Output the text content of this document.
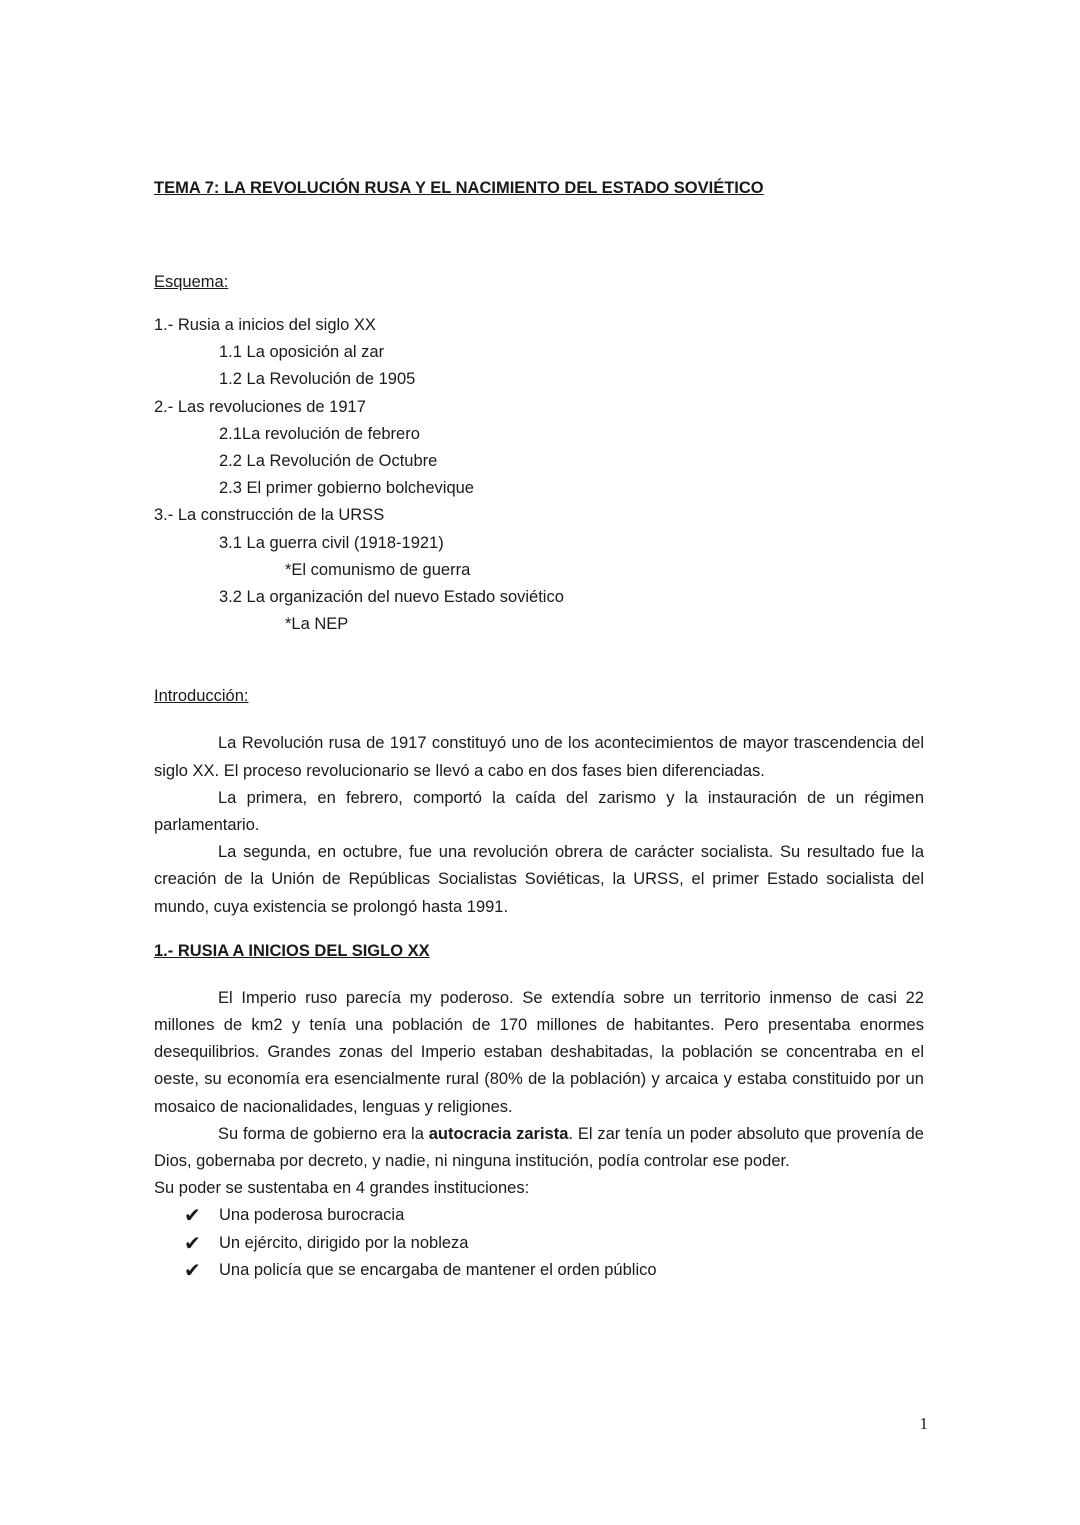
TEMA 7: LA REVOLUCIÓN RUSA Y EL NACIMIENTO DEL ESTADO SOVIÉTICO
Esquema:
1.- Rusia a inicios del siglo XX
1.1 La oposición al zar
1.2 La Revolución de 1905
2.- Las revoluciones de 1917
2.1La revolución de febrero
2.2 La Revolución de Octubre
2.3 El primer gobierno bolchevique
3.- La construcción de la URSS
3.1 La guerra civil (1918-1921)
*El comunismo de guerra
3.2 La organización del nuevo Estado soviético
*La NEP
Introducción:

La Revolución rusa de 1917 constituyó uno de los acontecimientos de mayor trascendencia del siglo XX. El proceso revolucionario se llevó a cabo en dos fases bien diferenciadas.

La primera, en febrero, comportó la caída del zarismo y la instauración de un régimen parlamentario.

La segunda, en octubre, fue una revolución obrera de carácter socialista. Su resultado fue la creación de la Unión de Repúblicas Socialistas Soviéticas, la URSS, el primer Estado socialista del mundo, cuya existencia se prolongó hasta 1991.

1.- RUSIA A INICIOS DEL SIGLO XX

El Imperio ruso parecía my poderoso. Se extendía sobre un territorio inmenso de casi 22 millones de km2 y tenía una población de 170 millones de habitantes. Pero presentaba enormes desequilibrios. Grandes zonas del Imperio estaban deshabitadas, la población se concentraba en el oeste, su economía era esencialmente rural (80% de la población) y arcaica y estaba constituido por un mosaico de nacionalidades, lenguas y religiones.

Su forma de gobierno era la autocracia zarista. El zar tenía un poder absoluto que provenía de Dios, gobernaba por decreto, y nadie, ni ninguna institución, podía controlar ese poder.

Su poder se sustentaba en 4 grandes instituciones:

✔ Una poderosa burocracia
✔ Un ejército, dirigido por la nobleza
✔ Una policía que se encargaba de mantener el orden público
1
